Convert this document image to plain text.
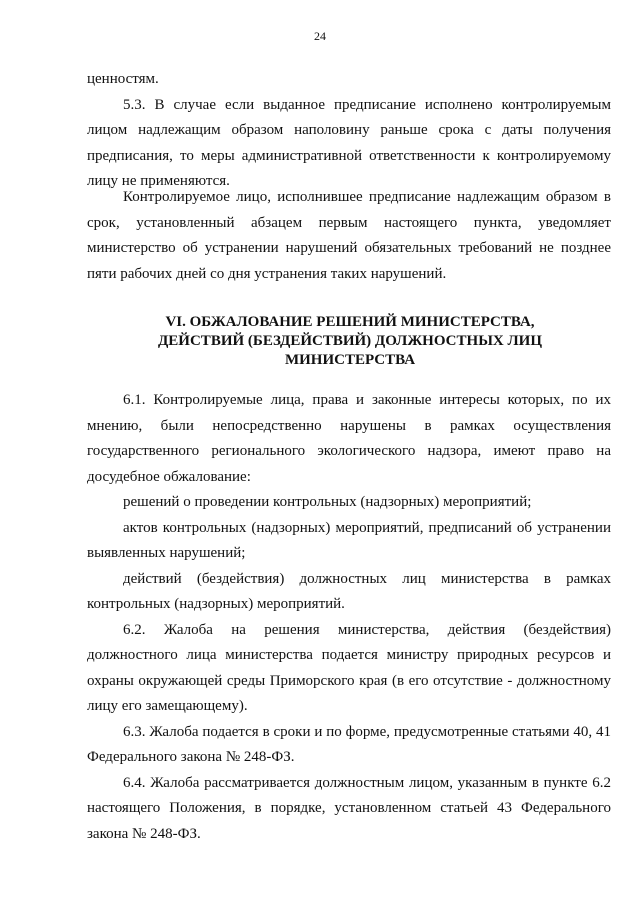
24

ценностям.

5.3. В случае если выданное предписание исполнено контролируемым лицом надлежащим образом наполовину раньше срока с даты получения предписания, то меры административной ответственности к контролируемому лицу не применяются.

Контролируемое лицо, исполнившее предписание надлежащим образом в срок, установленный абзацем первым настоящего пункта, уведомляет министерство об устранении нарушений обязательных требований не позднее пяти рабочих дней со дня устранения таких нарушений.

VI. ОБЖАЛОВАНИЕ РЕШЕНИЙ МИНИСТЕРСТВА, ДЕЙСТВИЙ (БЕЗДЕЙСТВИЙ) ДОЛЖНОСТНЫХ ЛИЦ МИНИСТЕРСТВА

6.1. Контролируемые лица, права и законные интересы которых, по их мнению, были непосредственно нарушены в рамках осуществления государственного регионального экологического надзора, имеют право на досудебное обжалование:

решений о проведении контрольных (надзорных) мероприятий;

актов контрольных (надзорных) мероприятий, предписаний об устранении выявленных нарушений;

действий (бездействия) должностных лиц министерства в рамках контрольных (надзорных) мероприятий.

6.2. Жалоба на решения министерства, действия (бездействия) должностного лица министерства подается министру природных ресурсов и охраны окружающей среды Приморского края (в его отсутствие - должностному лицу его замещающему).

6.3. Жалоба подается в сроки и по форме, предусмотренные статьями 40, 41 Федерального закона № 248-ФЗ.

6.4. Жалоба рассматривается должностным лицом, указанным в пункте 6.2 настоящего Положения, в порядке, установленном статьей 43 Федерального закона № 248-ФЗ.
